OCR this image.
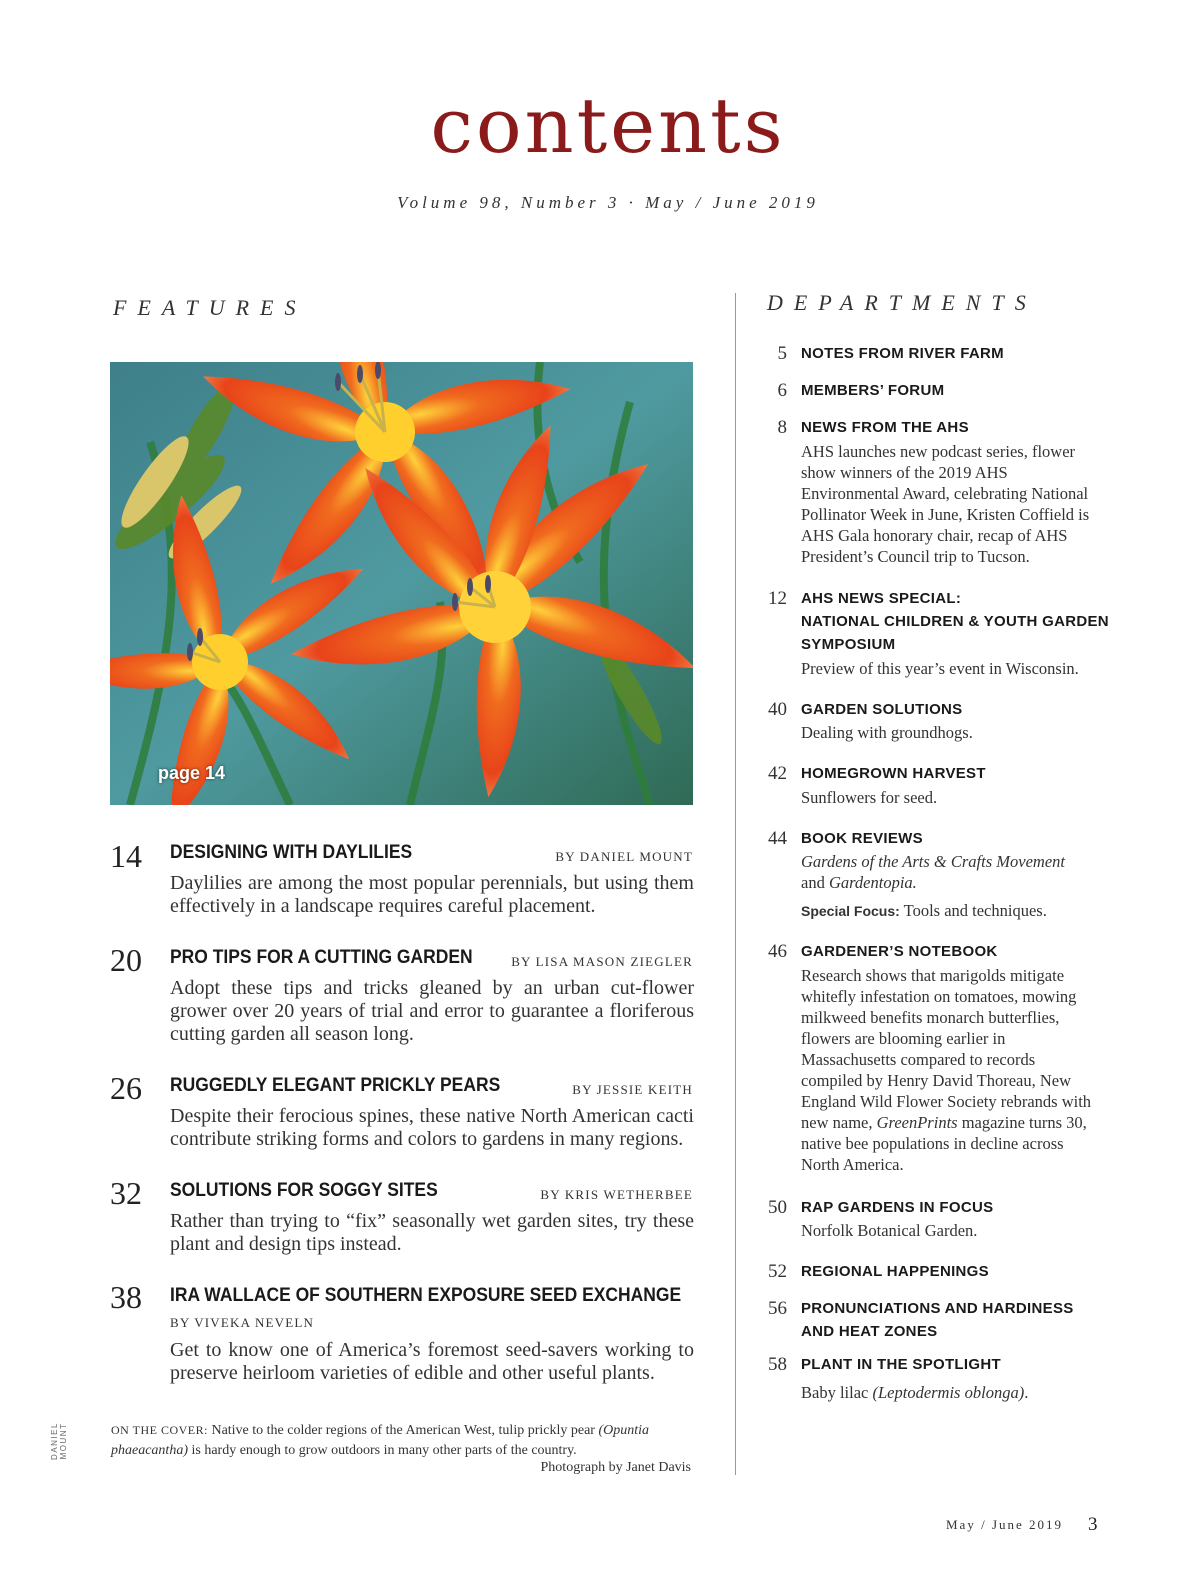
contents
Volume 98, Number 3 · May / June 2019
FEATURES	DEPARTMENTS
page 14
14 DESIGNING WITH DAYLILIES	BY DANIEL MOUNT
Daylilies are among the most popular perennials, but using them effectively in a landscape requires careful placement.
20 PRO TIPS FOR A CUTTING GARDEN	BY LISA MASON ZIEGLER
Adopt these tips and tricks gleaned by an urban cut-flower grower over 20 years of trial and error to guarantee a floriferous cutting garden all season long.
26 RUGGEDLY ELEGANT PRICKLY PEARS	BY JESSIE KEITH
Despite their ferocious spines, these native North American cacti contribute striking forms and colors to gardens in many regions.
32 SOLUTIONS FOR SOGGY SITES	BY KRIS WETHERBEE
Rather than trying to “fix” seasonally wet garden sites, try these plant and design tips instead.
38 IRA WALLACE OF SOUTHERN EXPOSURE SEED EXCHANGE
BY VIVEKA NEVELN
Get to know one of America’s foremost seed-savers working to preserve heirloom varieties of edible and other useful plants.
ON THE COVER: Native to the colder regions of the American West, tulip prickly pear (Opuntia phaeacantha) is hardy enough to grow outdoors in many other parts of the country.
Photograph by Janet Davis
DANIEL MOUNT
5 NOTES FROM RIVER FARM
6 MEMBERS’ FORUM
8 NEWS FROM THE AHS
AHS launches new podcast series, flower show winners of the 2019 AHS Environmental Award, celebrating National Pollinator Week in June, Kristen Coffield is AHS Gala honorary chair, recap of AHS President’s Council trip to Tucson.
12 AHS NEWS SPECIAL:
NATIONAL CHILDREN & YOUTH GARDEN
SYMPOSIUM
Preview of this year’s event in Wisconsin.
40 GARDEN SOLUTIONS
Dealing with groundhogs.
42 HOMEGROWN HARVEST
Sunflowers for seed.
44 BOOK REVIEWS
Gardens of the Arts & Crafts Movement
and Gardentopia.
Special Focus: Tools and techniques.
46 GARDENER’S NOTEBOOK
Research shows that marigolds mitigate whitefly infestation on tomatoes, mowing milkweed benefits monarch butterflies, flowers are blooming earlier in Massachusetts compared to records compiled by Henry David Thoreau, New England Wild Flower Society rebrands with new name, GreenPrints magazine turns 30, native bee populations in decline across North America.
50 RAP GARDENS IN FOCUS
Norfolk Botanical Garden.
52 REGIONAL HAPPENINGS
56 PRONUNCIATIONS AND HARDINESS
AND HEAT ZONES
58 PLANT IN THE SPOTLIGHT
Baby lilac (Leptodermis oblonga).
May / June 2019 3
